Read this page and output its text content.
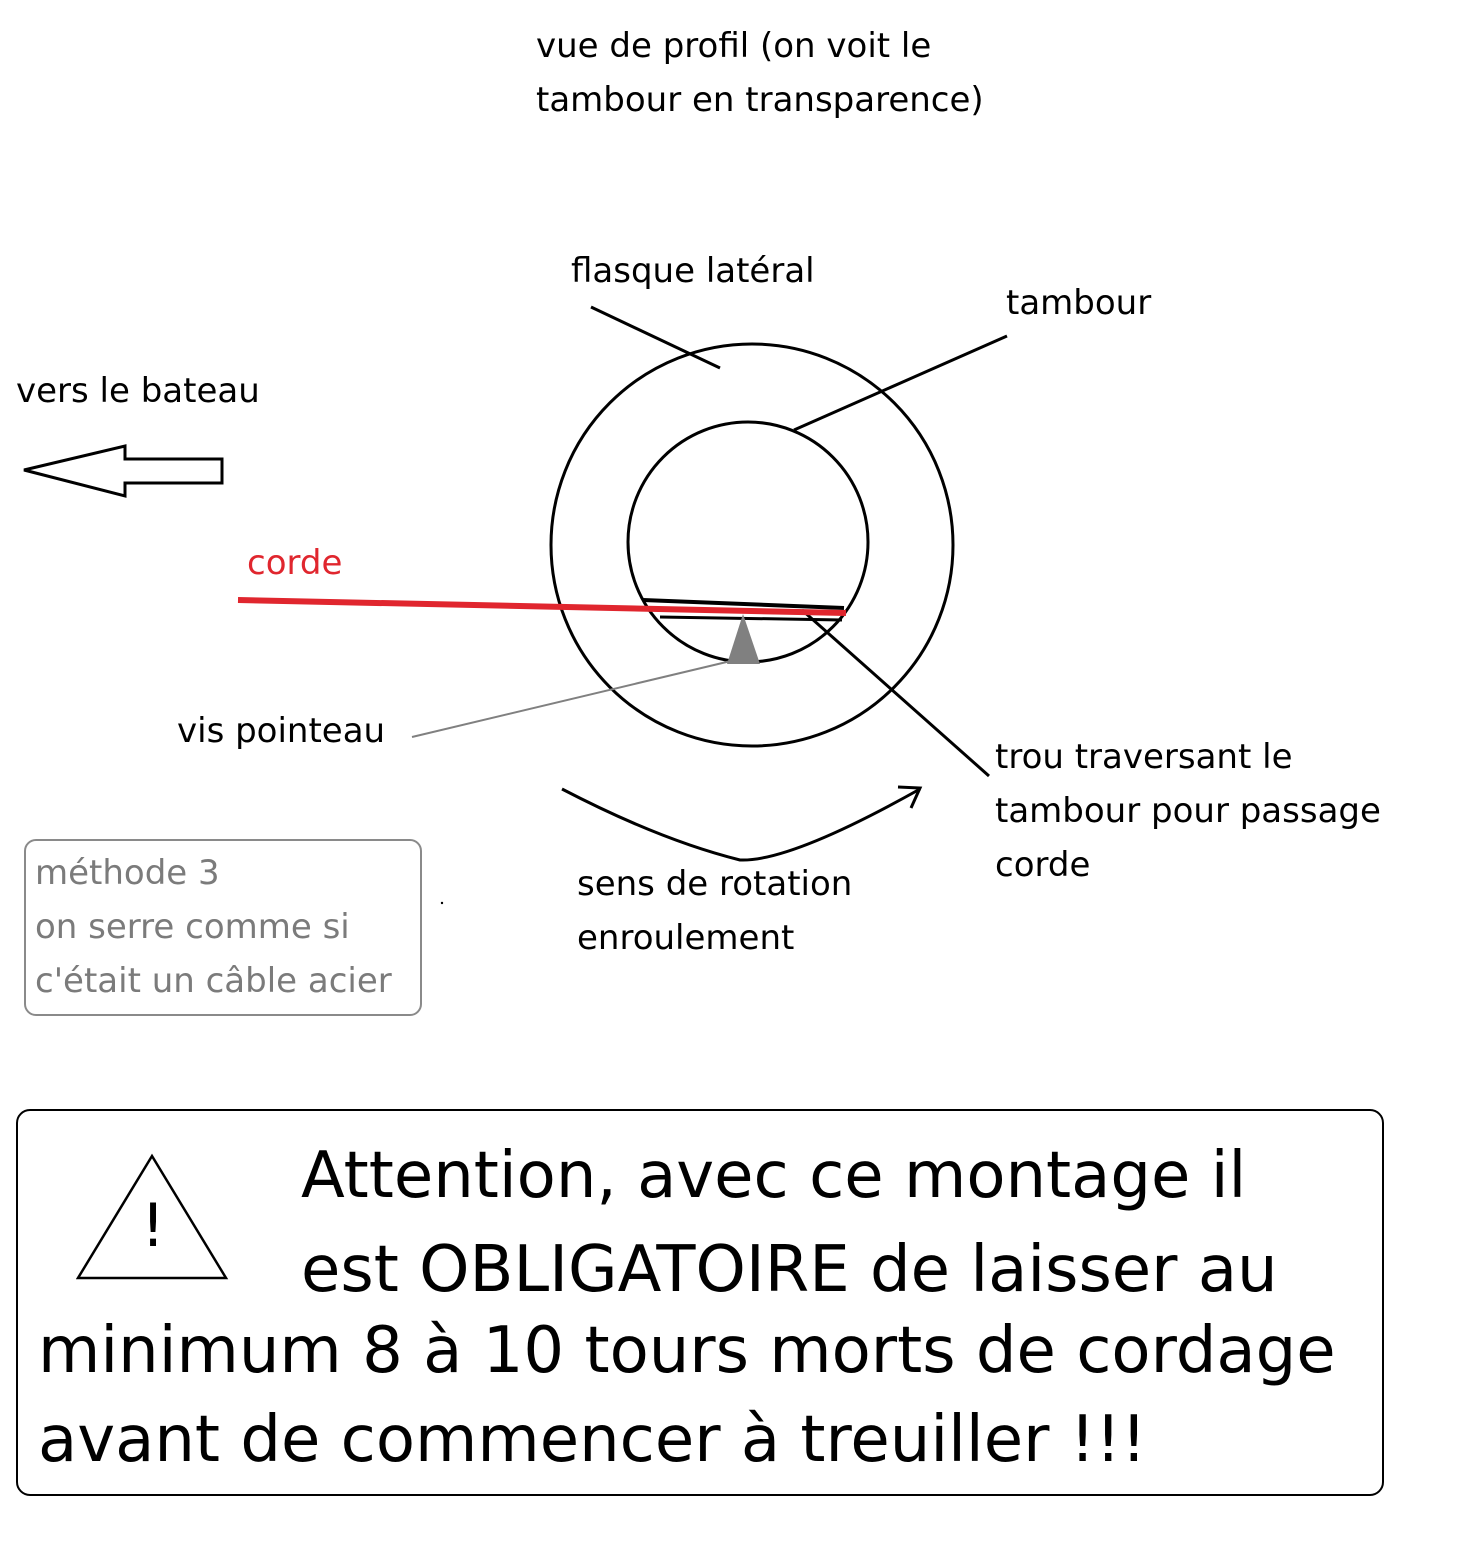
vue de profil (on voit le
tambour en transparence)
flasque latéral
tambour
vers le bateau
corde
vis pointeau
trou traversant le
tambour pour passage
corde
sens de rotation
enroulement
méthode 3
on serre comme si
c'était un câble acier
!
Attention, avec ce montage il
est OBLIGATOIRE de laisser au
minimum 8 à 10 tours morts de cordage
avant de commencer à treuiller !!!
